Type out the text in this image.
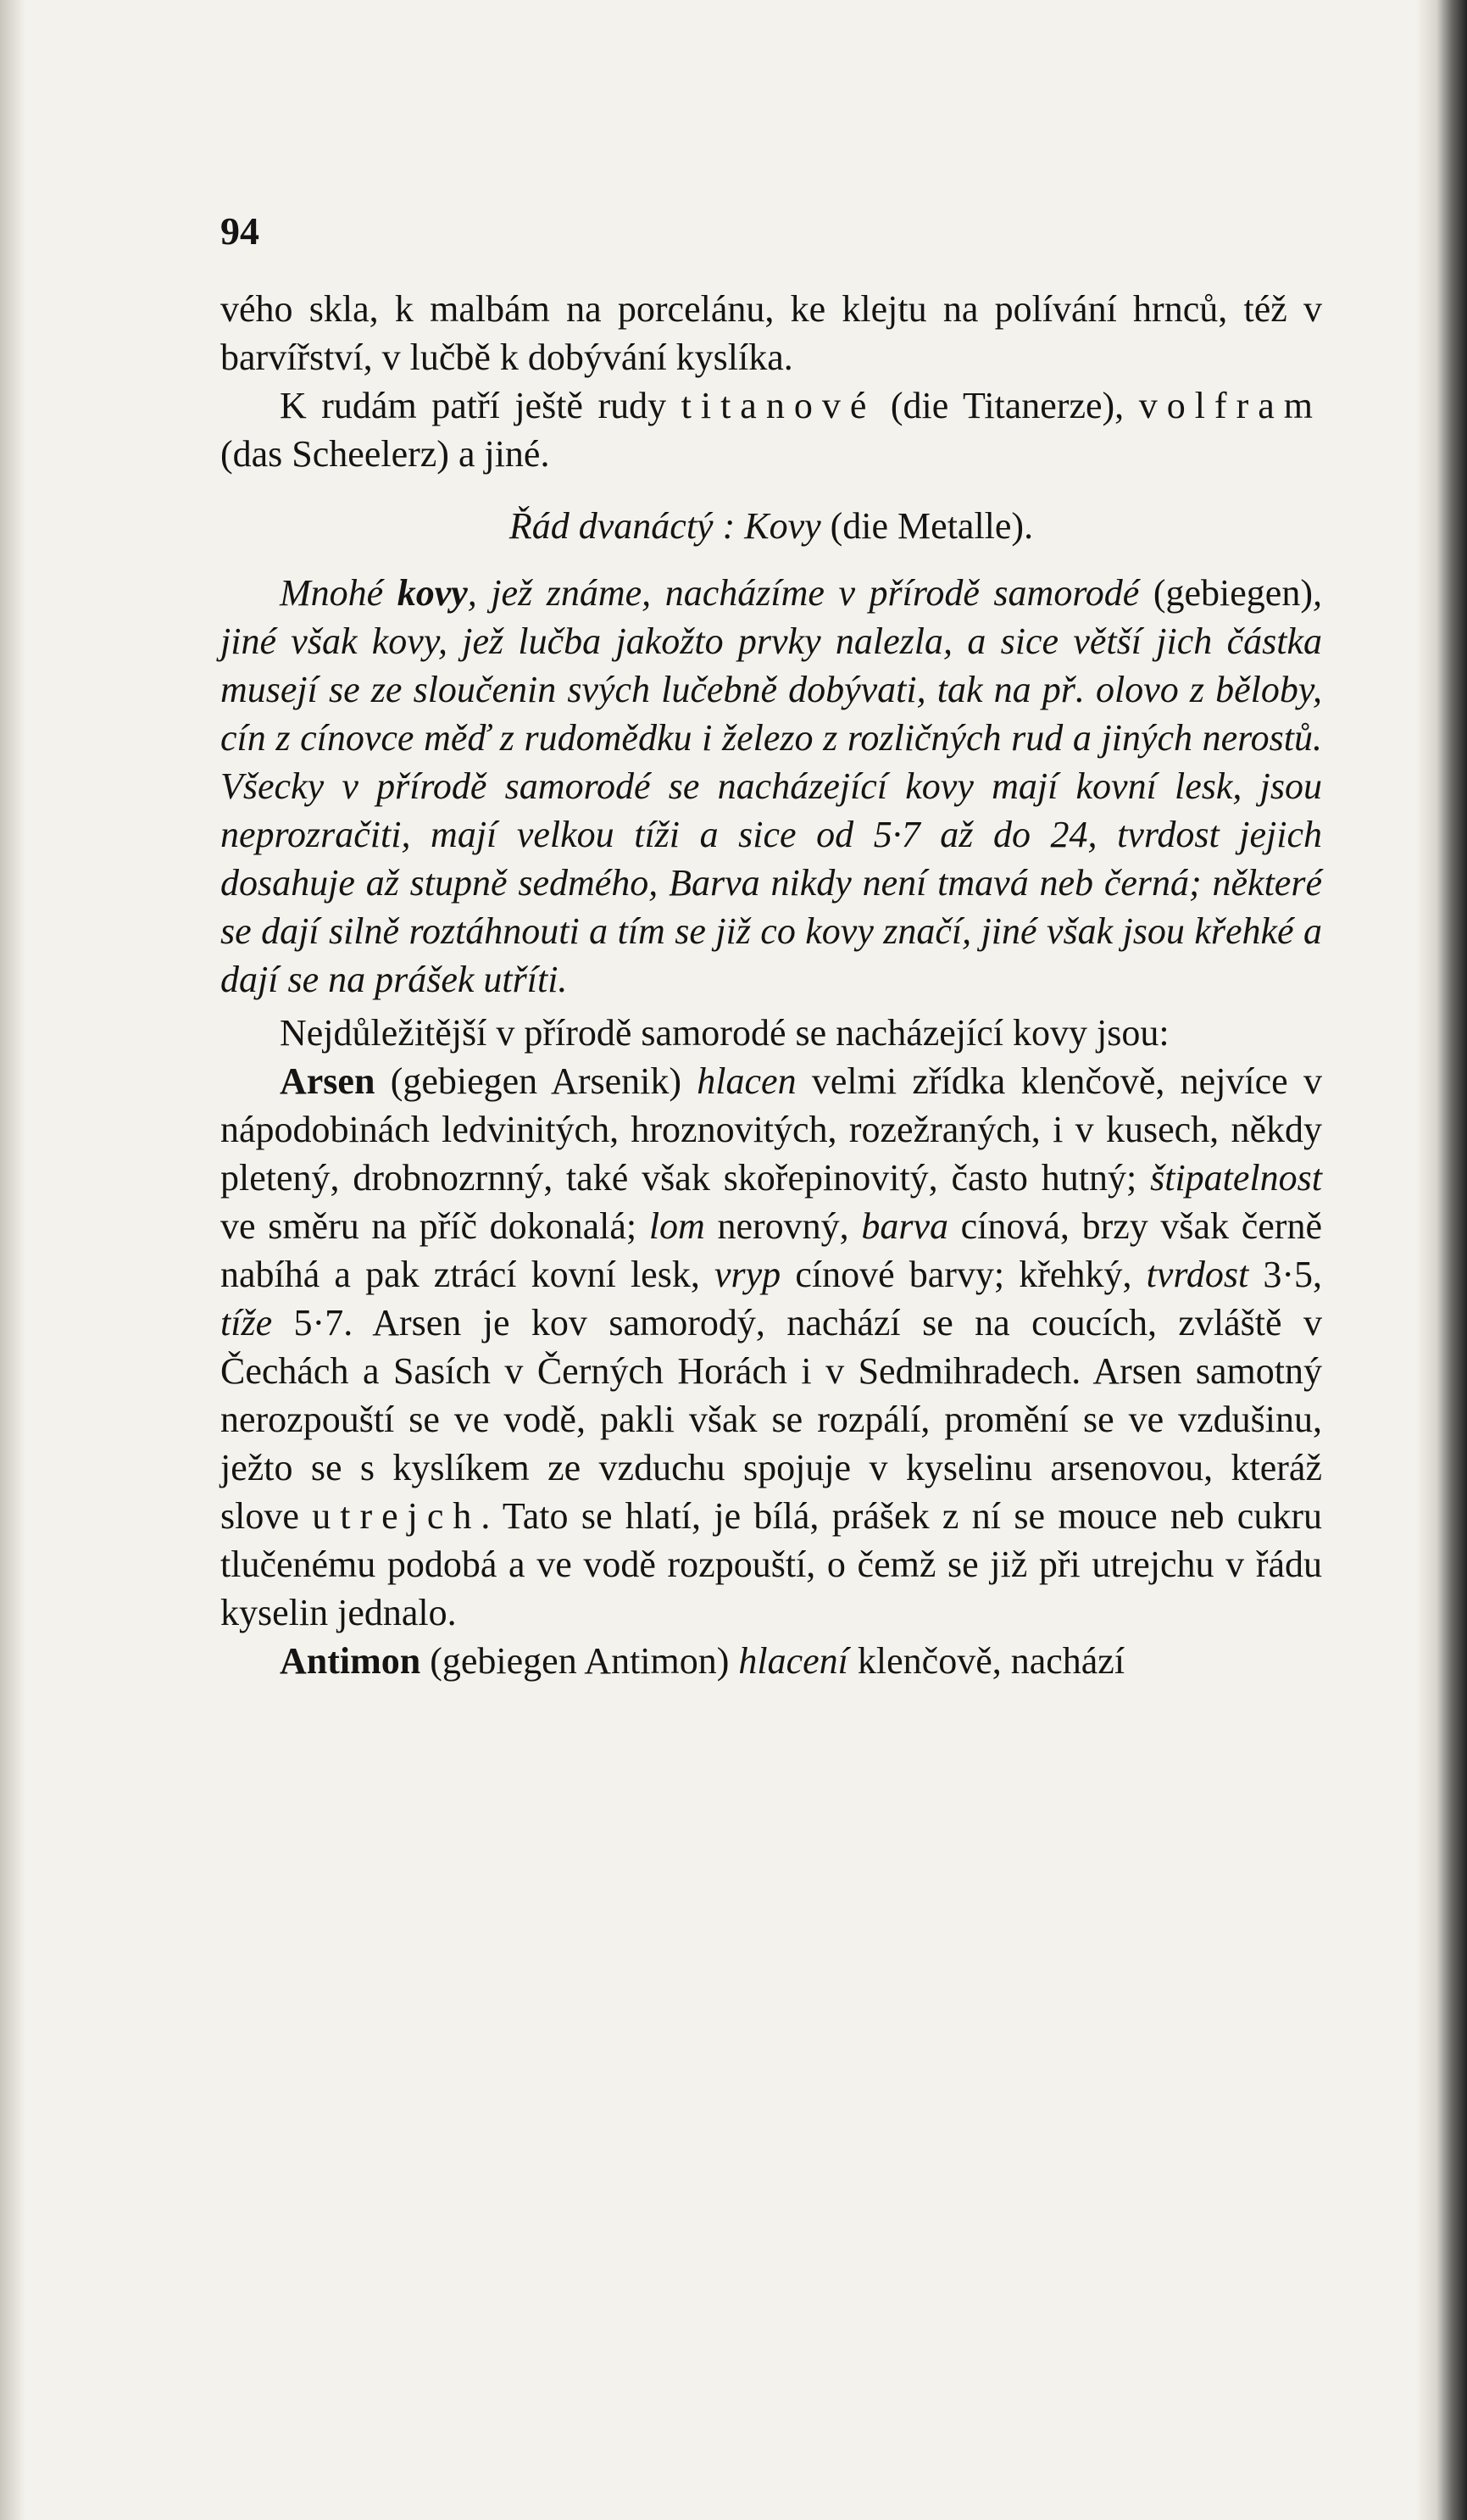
94

vého skla, k malbám na porcelánu, ke klejtu na polívání hrnců, též v barvířství, v lučbě k dobývání kyslíka.

K rudám patří ještě rudy titanové (die Titanerze), volfram (das Scheelerz) a jiné.

Řád dvanáctý : Kovy (die Metalle).

Mnohé kovy, jež známe, nacházíme v přírodě samorodé (gebiegen), jiné však kovy, jež lučba jakožto prvky nalezla, a sice větší jich částka musejí se ze sloučenin svých lučebně dobývati, tak na př. olovo z běloby, cín z cínovce měď z rudomědku i železo z rozličných rud a jiných nerostů. Všecky v přírodě samorodé se nacházející kovy mají kovní lesk, jsou neprozračiti, mají velkou tíži a sice od 5·7 až do 24, tvrdost jejich dosahuje až stupně sedmého, Barva nikdy není tmavá neb černá; některé se dají silně roztáhnouti a tím se již co kovy značí, jiné však jsou křehké a dají se na prášek utříti.

Nejdůležitější v přírodě samorodé se nacházející kovy jsou:

Arsen (gebiegen Arsenik) hlacen velmi zřídka klenčově, nejvíce v nápodobinách ledvinitých, hroznovitých, rozežraných, i v kusech, někdy pletený, drobnozrnný, také však skořepinovitý, často hutný; štipatelnost ve směru na příč dokonalá; lom nerovný, barva cínová, brzy však černě nabíhá a pak ztrácí kovní lesk, vryp cínové barvy; křehký, tvrdost 3·5, tíže 5·7. Arsen je kov samorodý, nachází se na coucích, zvláště v Čechách a Sasích v Černých Horách i v Sedmihradech. Arsen samotný nerozpouští se ve vodě, pakli však se rozpálí, promění se ve vzdušinu, ježto se s kyslíkem ze vzduchu spojuje v kyselinu arsenovou, kteráž slove utrejch. Tato se hlatí, je bílá, prášek z ní se mouce neb cukru tlučenému podobá a ve vodě rozpouští, o čemž se již při utrejchu v řádu kyselin jednalo.

Antimon (gebiegen Antimon) hlacení klenčově, nachází
